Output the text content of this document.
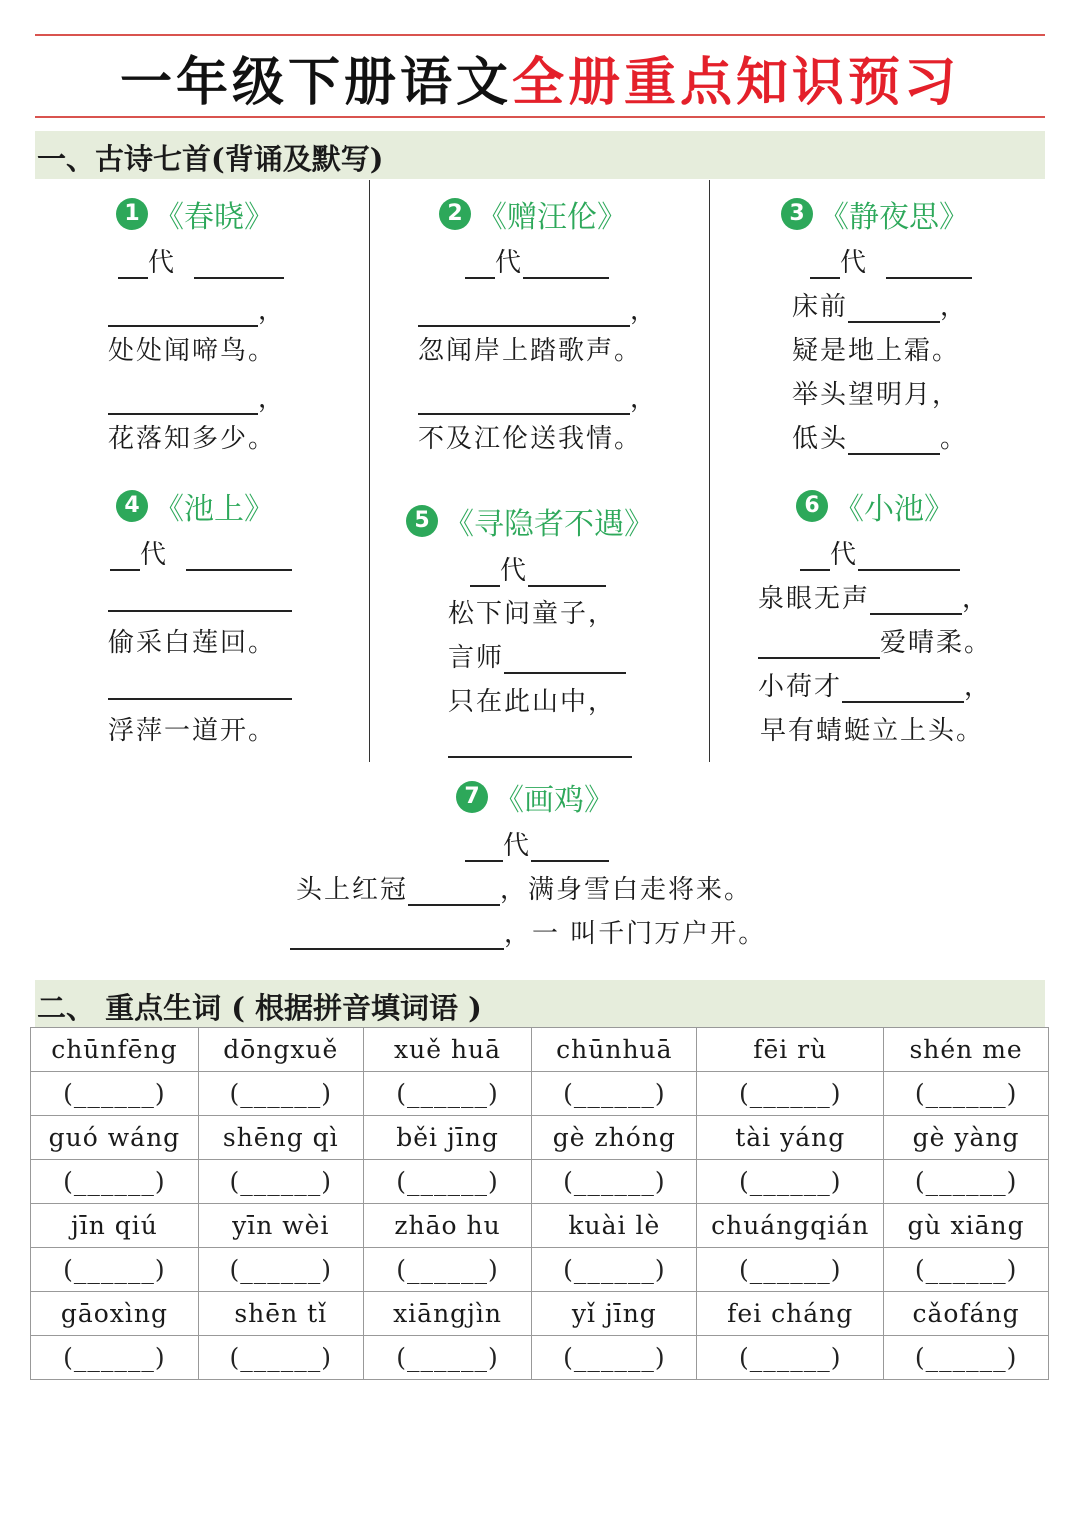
一年级下册语文全册重点知识预习
一、古诗七首(背诵及默写)
1 《春晓》
代
，
处处闻啼鸟。
，
花落知多少。
2 《赠汪伦》
代
，
忽闻岸上踏歌声。
，
不及江伦送我情。
3 《静夜思》
代
床前	，
疑是地上霜。
举头望明月，
低头	。
4 《池上》
代
偷采白莲回。
浮萍一道开。
5 《寻隐者不遇》
代
松下问童子，
言师
只在此山中，
6 《小池》
代
泉眼无声	，
爱晴柔。
小荷才	，
早有蜻蜓立上头。
7 《画鸡》
代
头上红冠	，满身雪白走将来。
，一 叫千门万户开。
二、 重点生词 ( 根据拼音填词语 )
chūnfēng	dōngxuě	xuě huā	chūnhuā	fēi rù	shén me
(______)	(______)	(______)	(______)	(______)	(______)
guó wáng	shēng qì	běi jīng	gè zhóng	tài yáng	gè yàng
(______)	(______)	(______)	(______)	(______)	(______)
jīn qiú	yīn wèi	zhāo hu	kuài lè	chuángqián	gù xiāng
(______)	(______)	(______)	(______)	(______)	(______)
gāoxìng	shēn tǐ	xiāngjìn	yǐ jīng	fei cháng	cǎofáng
(______)	(______)	(______)	(______)	(______)	(______)
